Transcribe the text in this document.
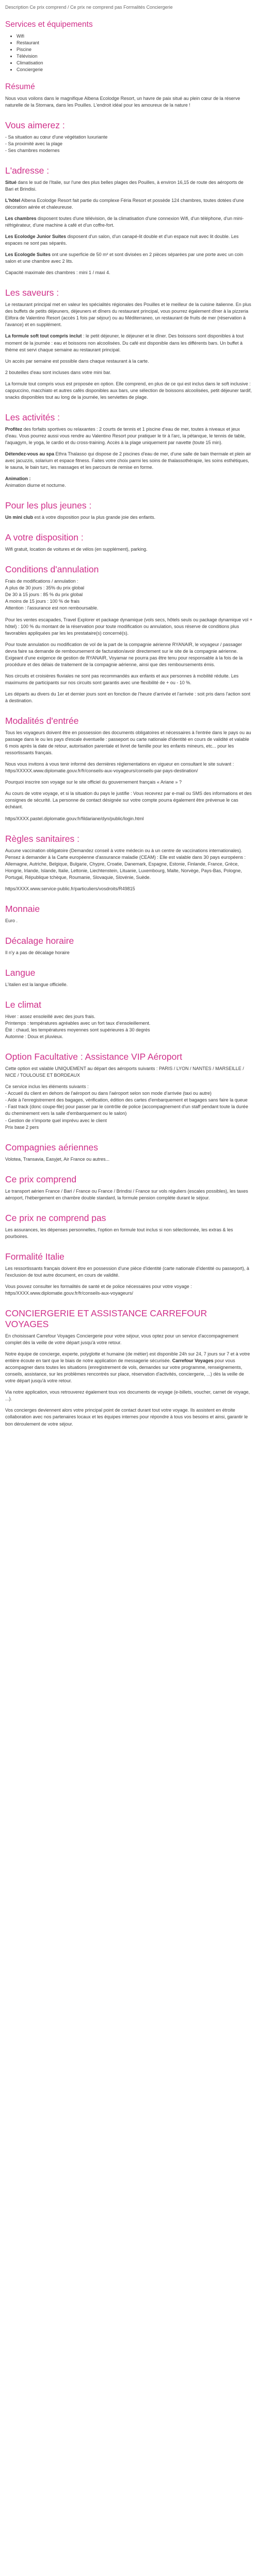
Description Ce prix comprend / Ce prix ne comprend pas Formalités Conciergerie

Services et équipements
• Wifi
• Restaurant
• Piscine
• Télévision
• Climatisation
• Conciergerie
Résumé

Nous vous voilons dans le magnifique Albena Ecolodge Resort, un havre de paix situé au plein cœur de la réserve naturelle de la Stornara, dans les Pouilles. L'endroit idéal pour les amoureux de la nature !

Vous aimerez :

- Sa situation au cœur d'une végétation luxuriante
- Sa proximité avec la plage
- Ses chambres modernes

L'adresse :

Situé dans le sud de l'Italie, sur l'une des plus belles plages des Pouilles, à environ 16,15 de route des aéroports de Bari et Brindisi.

L'hôtel Albena Ecolodge Resort fait partie du complexe Féria Resort et possède 124 chambres, toutes dotées d'une décoration aérée et chaleureuse.

Les chambres disposent toutes d'une télévision, de la climatisation d'une connexion Wifi, d'un téléphone, d'un mini-réfrigérateur, d'une machine à café et d'un coffre-fort.

Les Ecolodge Junior Suites disposent d'un salon, d'un canapé-lit double et d'un espace nuit avec lit double. Les espaces ne sont pas séparés.

Les Ecologde Suites ont une superficie de 50 m² et sont divisées en 2 pièces séparées par une porte avec un coin salon et une chambre avec 2 lits.

Capacité maximale des chambres : mini 1 / maxi 4.

Les saveurs :

Le restaurant principal met en valeur les spécialités régionales des Pouilles et le meilleur de la cuisine italienne. En plus des buffets de petits déjeuners, déjeuners et dîners du restaurant principal, vous pourrez également dîner à la pizzeria Elifora de Valentino Resort (accès 1 fois par séjour) ou au Méditerraneo, un restaurant de fruits de mer (réservation à l'avance) et en supplément.

La formule soft tout compris inclut : le petit déjeuner, le déjeuner et le dîner. Des boissons sont disponibles à tout moment de la journée : eau et boissons non alcoolisées. Du café est disponible dans les différents bars. Un buffet à thème est servi chaque semaine au restaurant principal.

Un accès par semaine est possible dans chaque restaurant à la carte.

2 bouteilles d'eau sont incluses dans votre mini bar.

La formule tout compris vous est proposée en option. Elle comprend, en plus de ce qui est inclus dans le soft inclusive : cappuccino, macchiato et autres cafés disponibles aux bars, une sélection de boissons alcoolisées, petit déjeuner tardif, snacks disponibles tout au long de la journée, les serviettes de plage.

Les activités :

Profitez des forfaits sportives ou relaxantes : 2 courts de tennis et 1 piscine d'eau de mer, toutes à niveaux et jeux d'eau. Vous pourrez aussi vous rendre au Valentino Resort pour pratiquer le tir à l'arc, la pétanque, le tennis de table, l'aquagym, le yoga, le cardio et du cross-training. Accès à la plage uniquement par navette (toute 15 min).

Détendez-vous au spa Ethra Thalasso qui dispose de 2 piscines d'eau de mer, d'une salle de bain thermale et plein air avec jacuzzis, solarium et espace fitness. Faites votre choix parmi les soins de thalassothérapie, les soins esthétiques, le sauna, le bain turc, les massages et les parcours de remise en forme.

Animation :
Animation diurne et nocturne.

Pour les plus jeunes :

Un mini club est à votre disposition pour la plus grande joie des enfants.

A votre disposition :

Wifi gratuit, location de voitures et de vélos (en supplément), parking.

Conditions d'annulation

Frais de modifications / annulation :
A plus de 30 jours : 35% du prix global
De 30 à 15 jours : 85 % du prix global
A moins de 15 jours : 100 % de frais
Attention : l'assurance est non remboursable.

Pour les ventes escapades, Travel Explorer et package dynamique (vols secs, hôtels seuls ou package dynamique vol + hôtel) : 100 % du montant de la réservation pour toute modification ou annulation, sous réserve de conditions plus favorables appliquées par les les prestataire(s) concerné(s).

Pour toute annulation ou modification de vol de la part de la compagnie aérienne RYANAIR, le voyageur / passager devra faire sa demande de remboursement de facturation/avoir directement sur le site de la compagnie aérienne. Exigeant d'une exigence de gestion de RYANAIR, Voyamar ne pourra pas être tenu pour responsable à la fois de la procédure et des délais de traitement de la compagnie aérienne, ainsi que des remboursements émis.

Nos circuits et croisières fluviales ne sont pas recommandés aux enfants et aux personnes à mobilité réduite. Les maximums de participants sur nos circuits sont garantis avec une flexibilité de + ou - 10 %.

Les départs au divers du 1er et dernier jours sont en fonction de l'heure d'arrivée et l'arrivée : soit pris dans l'action sont à destination.

Modalités d'entrée

Tous les voyageurs doivent être en possession des documents obligatoires et nécessaires à l'entrée dans le pays ou au passage dans le ou les pays d'escale éventuelle : passeport ou carte nationale d'identité en cours de validité et valable 6 mois après la date de retour, autorisation parentale et livret de famille pour les enfants mineurs, etc... pour les ressortissants français.

Nous vous invitons à vous tenir informé des dernières réglementations en vigueur en consultant le site suivant : https/XXXXX.www.diplomatie.gouv.fr/fr/conseils-aux-voyageurs/conseils-par-pays-destination/

Pourquoi inscrire son voyage sur le site officiel du gouvernement français « Ariane » ?

Au cours de votre voyage, et si la situation du pays le justifie : Vous recevrez par e-mail ou SMS des informations et des consignes de sécurité. La personne de contact désignée sur votre compte pourra également être prévenue le cas échéant.

https/XXXX.pastel.diplomatie.gouv.fr/fildariane/dyn/public/login.html

Règles sanitaires :

Aucune vaccination obligatoire (Demandez conseil à votre médecin ou à un centre de vaccinations internationales). Pensez à demander à la Carte européenne d'assurance maladie (CEAM) : Elle est valable dans 30 pays européens : Allemagne, Autriche, Belgique, Bulgarie, Chypre, Croatie, Danemark, Espagne, Estonie, Finlande, France, Grèce, Hongrie, Irlande, Islande, Italie, Lettonie, Liechtenstein, Lituanie, Luxembourg, Malte, Norvège, Pays-Bas, Pologne, Portugal, République tchèque, Roumanie, Slovaquie, Slovénie, Suède.

https/XXXX.www.service-public.fr/particuliers/vosdroits/R49815

Monnaie

Euro .

Décalage horaire

Il n'y a pas de décalage horaire

Langue

L'italien est la langue officielle.

Le climat

Hiver : assez ensoleillé avec des jours frais.
Printemps : températures agréables avec un fort taux d'ensoleillement.
Été : chaud, les températures moyennes sont supérieures à 30 degrés
Automne : Doux et pluvieux.

Option Facultative : Assistance VIP Aéroport

Cette option est valable UNIQUEMENT au départ des aéroports suivants : PARIS / LYON / NANTES / MARSEILLE / NICE / TOULOUSE ET BORDEAUX

Ce service inclus les éléments suivants :
- Accueil du client en dehors de l'aéroport ou dans l'aéroport selon son mode d'arrivée (taxi ou autre)
- Aide à l'enregistrement des bagages, vérification, édition des cartes d'embarquement et bagages sans faire la queue
- Fast track (donc coupe-file) pour passer par le contrôle de police (accompagnement d'un staff pendant toute la durée du cheminement vers la salle d'embarquement ou le salon)
- Gestion de n'importe quel imprévu avec le client
Prix base 2 pers

Compagnies aériennes

Volotea, Transavia, Easyjet, Air France ou autres...

Ce prix comprend

Le transport aérien France / Bari / France ou France / Brindisi / France sur vols réguliers (escales possibles), les taxes aéroport, l'hébergement en chambre double standard, la formule pension complète durant le séjour.

Ce prix ne comprend pas

Les assurances, les dépenses personnelles, l'option en formule tout inclus si non sélectionnée, les extras & les pourboires.

Formalité Italie

Les ressortissants français doivent être en possession d'une pièce d'identité (carte nationale d'identité ou passeport), à l'exclusion de tout autre document, en cours de validité.

Vous pouvez consulter les formalités de santé et de police nécessaires pour votre voyage : https/XXXX.www.diplomatie.gouv.fr/fr/conseils-aux-voyageurs/

CONCIERGERIE ET ASSISTANCE CARREFOUR VOYAGES

En choisissant Carrefour Voyages Conciergerie pour votre séjour, vous optez pour un service d'accompagnement complet dès la veille de votre départ jusqu'à votre retour.

Notre équipe de concierge, experte, polyglotte et humaine (de métier) est disponible 24h sur 24, 7 jours sur 7 et à votre entière écoute en tant que le biais de notre application de messagerie sécurisée. Carrefour Voyages pour vous accompagner dans toutes les situations (enregistrement de vols, demandes sur votre programme, renseignements, conseils, assistance, sur les problèmes rencontrés sur place, réservation d'activités, conciergerie, ...) dès la veille de votre départ jusqu'à votre retour.

Via notre application, vous retrouverez également tous vos documents de voyage (e-billets, voucher, carnet de voyage, ...).

Vos concierges deviennent alors votre principal point de contact durant tout votre voyage. Ils assistent en étroite collaboration avec nos partenaires locaux et les équipes internes pour répondre à tous vos besoins et ainsi, garantir le bon déroulement de votre séjour.
